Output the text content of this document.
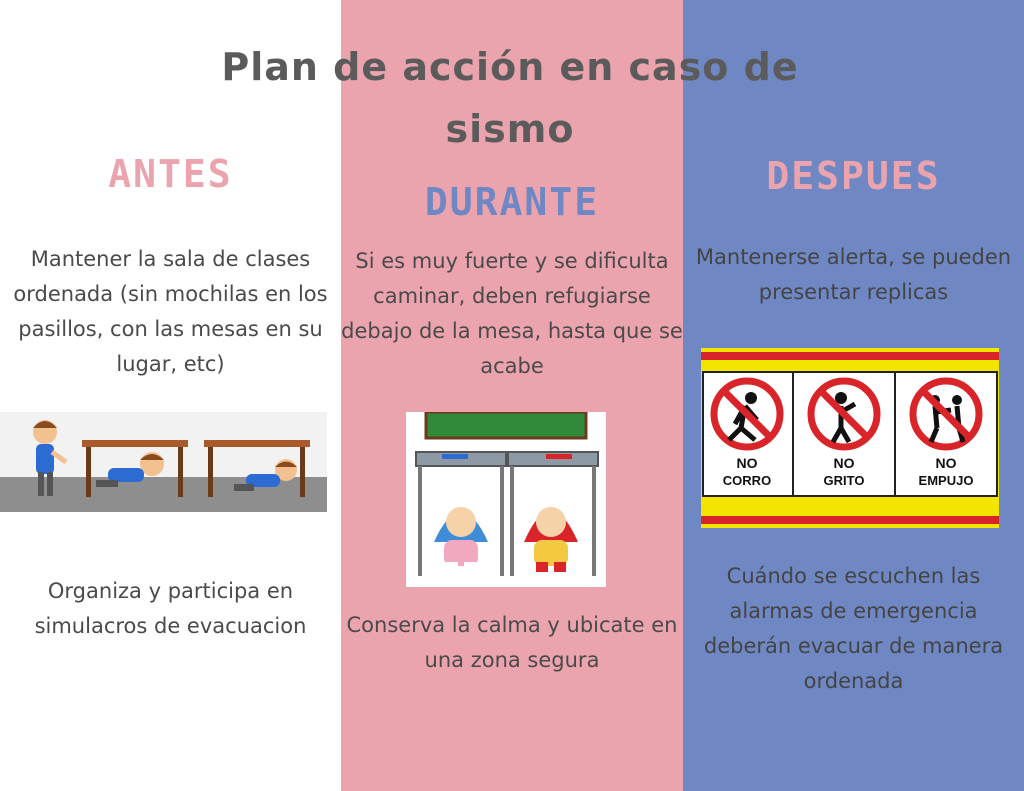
Plan de acción en caso de sismo
ANTES
DURANTE
DESPUES
Mantener la sala de clases ordenada (sin mochilas en los pasillos, con las mesas en su lugar, etc)
Organiza y participa en simulacros de evacuacion
Si es muy fuerte y se dificulta caminar, deben refugiarse debajo de la mesa, hasta que se acabe
Conserva la calma y ubicate en una zona segura
Mantenerse alerta, se pueden presentar replicas
Cuándo se escuchen las alarmas de emergencia deberán evacuar de manera ordenada
NO
CORRO
NO
GRITO
NO
EMPUJO
